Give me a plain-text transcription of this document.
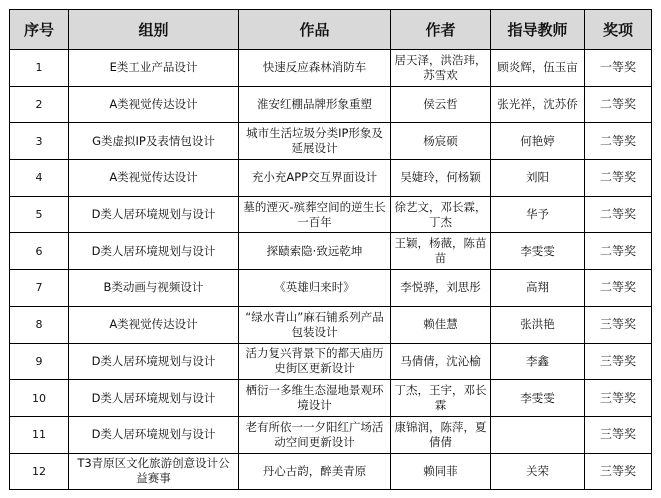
序号	组别	作品	作者	指导教师	奖项
1	E类工业产品设计	快速反应森林消防车	居天泽，洪浩玮，苏雪欢	顾炎辉，伍玉亩	一等奖
2	A类视觉传达设计	淮安红棚品牌形象重塑	侯云哲	张光祥，沈苏侨	二等奖
3	G类虚拟IP及表情包设计	城市生活垃圾分类IP形象及延展设计	杨宸硕	何艳婷	二等奖
4	A类视觉传达设计	充小充APP交互界面设计	吴婕玲，何杨颖	刘阳	二等奖
5	D类人居环境规划与设计	墓的湮灭-殡葬空间的逆生长一百年	徐艺文，邓长霖，丁杰	华予	二等奖
6	D类人居环境规划与设计	探赜索隐·致远乾坤	王颖，杨薇，陈苗苗	李雯雯	二等奖
7	B类动画与视频设计	《英雄归来时》	李悦骅，刘思彤	高翔	二等奖
8	A类视觉传达设计	“绿水青山”麻石铺系列产品包装设计	赖佳慧	张洪艳	三等奖
9	D类人居环境规划与设计	活力复兴背景下的都天庙历史街区更新设计	马倩倩，沈沁榆	李鑫	三等奖
10	D类人居环境规划与设计	栖衍一多维生态湿地景观环境设计	丁杰，王宇，邓长霖	李雯雯	三等奖
11	D类人居环境规划与设计	老有所依一一夕阳红广场活动空间更新设计	康锦润，陈萍，夏倩倩		三等奖
12	T3青原区文化旅游创意设计公益赛事	丹心古韵，醉美青原	赖同菲	关荣	三等奖
